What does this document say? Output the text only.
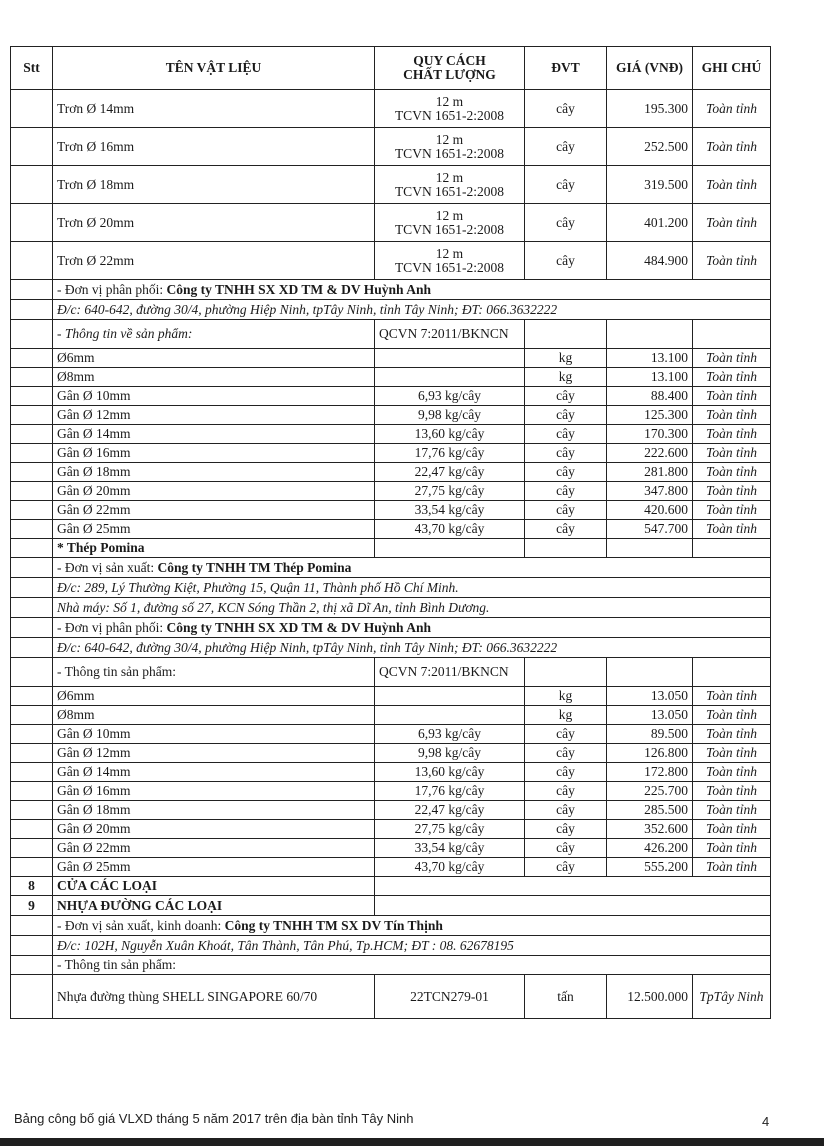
Stt	TÊN VẬT LIỆU	QUY CÁCH
CHẤT LƯỢNG	ĐVT	GIÁ (VNĐ)	GHI CHÚ
	Trơn Ø 14mm	12 m
TCVN 1651-2:2008	cây	195.300	Toàn tỉnh
	Trơn Ø 16mm	12 m
TCVN 1651-2:2008	cây	252.500	Toàn tỉnh
	Trơn Ø 18mm	12 m
TCVN 1651-2:2008	cây	319.500	Toàn tỉnh
	Trơn Ø 20mm	12 m
TCVN 1651-2:2008	cây	401.200	Toàn tỉnh
	Trơn Ø 22mm	12 m
TCVN 1651-2:2008	cây	484.900	Toàn tỉnh
	- Đơn vị phân phối: Công ty TNHH SX XD TM & DV Huỳnh Anh				
	Đ/c: 640-642, đường 30/4, phường Hiệp Ninh, tpTây Ninh, tỉnh Tây Ninh; ĐT: 066.3632222				
	- Thông tin về sản phẩm:	QCVN 7:2011/BKNCN			
	Ø6mm		kg	13.100	Toàn tỉnh
	Ø8mm		kg	13.100	Toàn tỉnh
	Gân Ø 10mm	6,93 kg/cây	cây	88.400	Toàn tỉnh
	Gân Ø 12mm	9,98 kg/cây	cây	125.300	Toàn tỉnh
	Gân Ø 14mm	13,60 kg/cây	cây	170.300	Toàn tỉnh
	Gân Ø 16mm	17,76 kg/cây	cây	222.600	Toàn tỉnh
	Gân Ø 18mm	22,47 kg/cây	cây	281.800	Toàn tỉnh
	Gân Ø 20mm	27,75 kg/cây	cây	347.800	Toàn tỉnh
	Gân Ø 22mm	33,54 kg/cây	cây	420.600	Toàn tỉnh
	Gân Ø 25mm	43,70 kg/cây	cây	547.700	Toàn tỉnh
	* Thép Pomina				
	- Đơn vị sản xuất: Công ty TNHH TM Thép Pomina				
	Đ/c: 289, Lý Thường Kiệt, Phường 15, Quận 11, Thành phố Hồ Chí Minh.				
	Nhà máy: Số 1, đường số 27, KCN Sóng Thần 2, thị xã Dĩ An, tỉnh Bình Dương.				
	- Đơn vị phân phối: Công ty TNHH SX XD TM & DV Huỳnh Anh				
	Đ/c: 640-642, đường 30/4, phường Hiệp Ninh, tpTây Ninh, tỉnh Tây Ninh; ĐT: 066.3632222				
	- Thông tin sản phẩm:	QCVN 7:2011/BKNCN			
	Ø6mm		kg	13.050	Toàn tỉnh
	Ø8mm		kg	13.050	Toàn tỉnh
	Gân Ø 10mm	6,93 kg/cây	cây	89.500	Toàn tỉnh
	Gân Ø 12mm	9,98 kg/cây	cây	126.800	Toàn tỉnh
	Gân Ø 14mm	13,60 kg/cây	cây	172.800	Toàn tỉnh
	Gân Ø 16mm	17,76 kg/cây	cây	225.700	Toàn tỉnh
	Gân Ø 18mm	22,47 kg/cây	cây	285.500	Toàn tỉnh
	Gân Ø 20mm	27,75 kg/cây	cây	352.600	Toàn tỉnh
	Gân Ø 22mm	33,54 kg/cây	cây	426.200	Toàn tỉnh
	Gân Ø 25mm	43,70 kg/cây	cây	555.200	Toàn tỉnh
8	CỬA CÁC LOẠI				
9	NHỰA ĐƯỜNG CÁC LOẠI				
	- Đơn vị sản xuất, kinh doanh: Công ty TNHH TM SX DV Tín Thịnh				
	Đ/c: 102H, Nguyễn Xuân Khoát, Tân Thành, Tân Phú, Tp.HCM; ĐT : 08. 62678195				
	- Thông tin sản phẩm:				
	Nhựa đường thùng SHELL SINGAPORE 60/70	22TCN279-01	tấn	12.500.000	TpTây Ninh
Bảng công bố giá VLXD tháng 5 năm 2017 trên địa bàn tỉnh Tây Ninh	4
